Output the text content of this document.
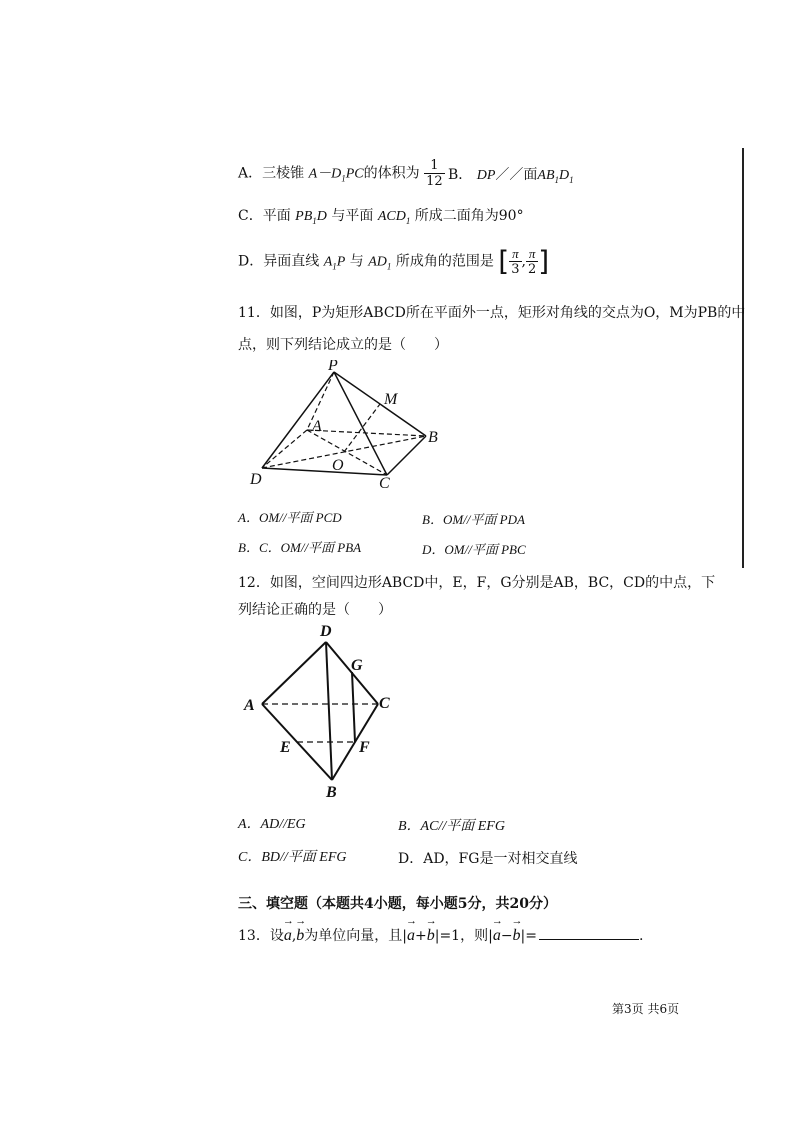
A．三棱锥 $A-D_1PC$的体积为 $\frac{1}{12}$ B． DP／／面$AB_1D_1$
C．平面 $PB_1D$ 与平面 $ACD_1$ 所成二面角为90°
D．异面直线 $A_1P$ 与 $AD_1$ 所成角的范围是 [ $\frac{\pi}{3}$ , $\frac{\pi}{2}$ ]
11．如图，P为矩形ABCD所在平面外一点，矩形对角线的交点为O，M为PB的中
点，则下列结论成立的是（　　）
P
M
A
B
C
D
O
A．OM//平面 PCD	B．OM//平面 PDA
B．C．OM//平面 PBA	D．OM//平面 PBC
12．如图，空间四边形ABCD中，E，F，G分别是AB，BC，CD的中点，下
列结论正确的是（　　）
D
G
A	C
E	F
B
A．AD//EG	B．AC//平面 EFG
C．BD//平面 EFG	D．AD，FG是一对相交直线
三、填空题（本题共4小题，每小题5分，共20分）
13．设→ a,→ b为单位向量，且|→ a+→ b|=1，则|→ a−→ b|=	.
第3页 共6页
